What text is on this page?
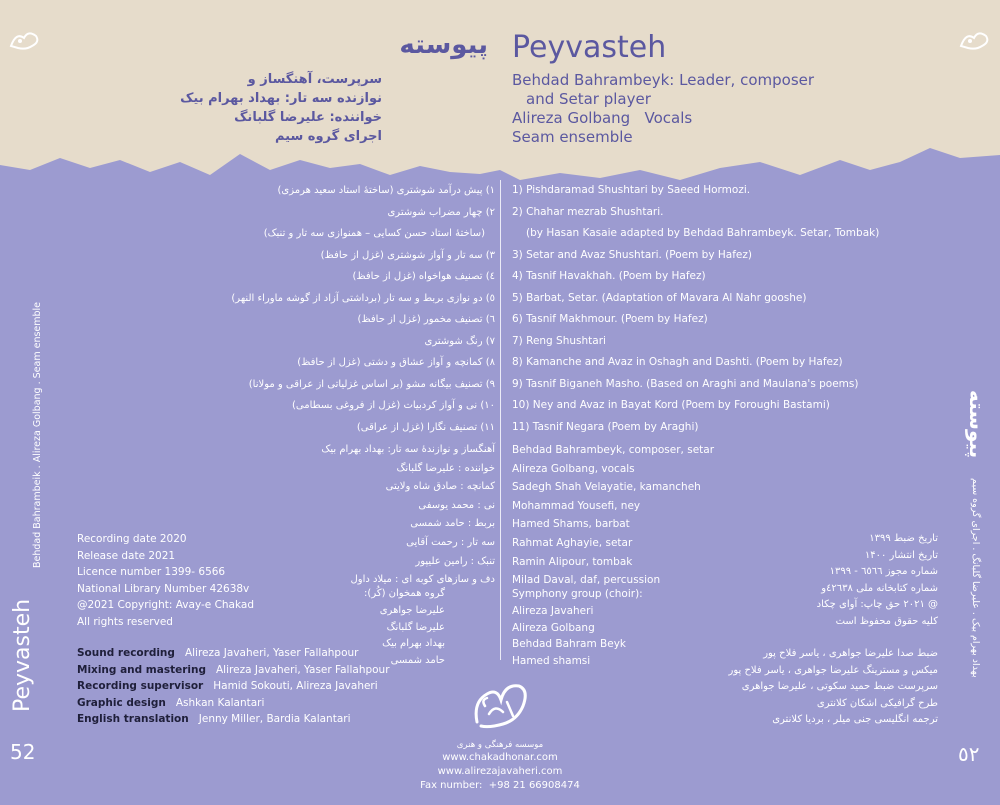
پیوسته Peyvasteh
سرپرست، آهنگساز و
نوازنده سه تار: بهداد بهرام بیک
خواننده: علیرضا گلبانگ
اجرای گروه سیم
Behdad Bahrambeyk: Leader, composer
and Setar player
Alireza Golbang   Vocals
Seam ensemble
1) Pishdaramad Shushtari by Saeed Hormozi.
2) Chahar mezrab Shushtari.
(by Hasan Kasaie adapted by Behdad Bahrambeyk. Setar, Tombak)
3) Setar and Avaz Shushtari. (Poem by Hafez)
4) Tasnif Havakhah. (Poem by Hafez)
5) Barbat, Setar. (Adaptation of Mavara Al Nahr gooshe)
6) Tasnif Makhmour. (Poem by Hafez)
7) Reng Shushtari
8) Kamanche and Avaz in Oshagh and Dashti. (Poem by Hafez)
9) Tasnif Biganeh Masho. (Based on Araghi and Maulana's poems)
10) Ney and Avaz in Bayat Kord (Poem by Foroughi Bastami)
11) Tasnif Negara (Poem by Araghi)
۱) پیش درآمد شوشتری (ساختهٔ استاد سعید هرمزی)
۲) چهار مضراب شوشتری
(ساختهٔ استاد حسن کسایی – همنوازی سه تار و تنبک)
۳) سه تار و آواز شوشتری (غزل از حافظ)
٤) تصنیف هواخواه (غزل از حافظ)
٥) دو نوازی بربط و سه تار (برداشتی آزاد از گوشه ماوراء النهر)
٦) تصنیف مخمور (غزل از حافظ)
۷) رنگ شوشتری
۸) کمانچه و آواز عشاق و دشتی (غزل از حافظ)
۹) تصنیف بیگانه مشو (بر اساس غزلیاتی از عراقی و مولانا)
۱۰) نی و آواز کردبیات (غزل از فروغی بسطامی)
۱۱) تصنیف نگارا (غزل از عراقی)
Behdad Bahrambeyk, composer, setar
Alireza Golbang, vocals
Sadegh Shah Velayatie, kamancheh
Mohammad Yousefi, ney
Hamed Shams, barbat
Rahmat Aghayie, setar
Ramin Alipour, tombak
Milad Daval, daf, percussion
آهنگساز و نوازندهٔ سه تار: بهداد بهرام بیک
خواننده : علیرضا گلبانگ
کمانچه : صادق شاه ولایتی
نی : محمد یوسفی
بربط : حامد شمسی
سه تار : رحمت آقایی
تنبک : رامین علیپور
دف و سازهای کوبه ای : میلاد داول
Symphony group (choir):
Alireza Javaheri
Alireza Golbang
Behdad Bahram Beyk
Hamed shamsi
گروه همخوان (کُر):
علیرضا جواهری
علیرضا گلبانگ
بهداد بهرام بیک
حامد شمسی
Recording date 2020
Release date 2021
Licence number 1399- 6566
National Library Number 42638v
@2021 Copyright: Avay-e Chakad
All rights reserved
تاریخ ضبط ۱۳۹۹
تاریخ انتشار ۱۴۰۰
شماره مجوز ٦٥٦٦ - ۱۳۹۹
شماره کتابخانه ملی ٤٢٦٣٨و
@ ۲۰۲۱ حق چاپ: آوای چکاد
کلیه حقوق محفوظ است
Sound recording Alireza Javaheri, Yaser Fallahpour
Mixing and mastering Alireza Javaheri, Yaser Fallahpour
Recording supervisor Hamid Sokouti, Alireza Javaheri
Graphic design Ashkan Kalantari
English translation Jenny Miller, Bardia Kalantari
ضبط صدا علیرضا جواهری ، یاسر فلاح پور
میکس و مسترینگ علیرضا جواهری ، یاسر فلاح پور
سرپرست ضبط حمید سکوتی ، علیرضا جواهری
طرح گرافیکی اشکان کلانتری
ترجمه انگلیسی جنی میلر ، بردیا کلانتری
موسسه فرهنگی و هنری
www.chakadhonar.com
www.alirezajavaheri.com
Fax number:  +98 21 66908474
52
Peyvasteh
Behdad Bahrambeik . Alireza Golbang . Seam ensemble
٥٢
پیوسته
بهداد بهرام بیک . علیرضا گلبانگ . اجرای گروه سیم
